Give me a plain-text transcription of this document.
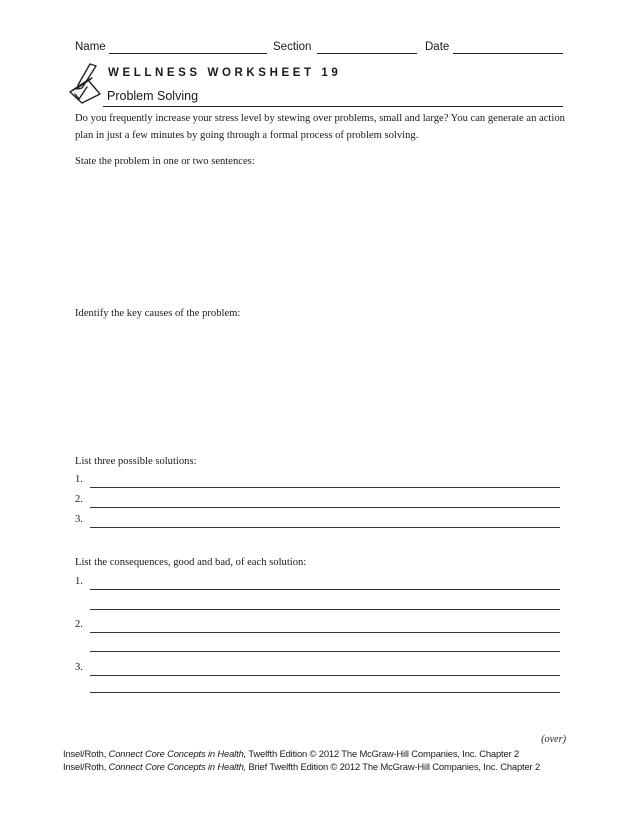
Name	Section	Date
WELLNESS WORKSHEET 19
Problem Solving
Do you frequently increase your stress level by stewing over problems, small and large? You can generate an action plan in just a few minutes by going through a formal process of problem solving.
State the problem in one or two sentences:
Identify the key causes of the problem:
List three possible solutions:
1.
2.
3.
List the consequences, good and bad, of each solution:
1.
2.
3.
(over)
Insel/Roth, Connect Core Concepts in Health, Twelfth Edition © 2012 The McGraw-Hill Companies, Inc. Chapter 2
Insel/Roth, Connect Core Concepts in Health, Brief Twelfth Edition © 2012 The McGraw-Hill Companies, Inc. Chapter 2
